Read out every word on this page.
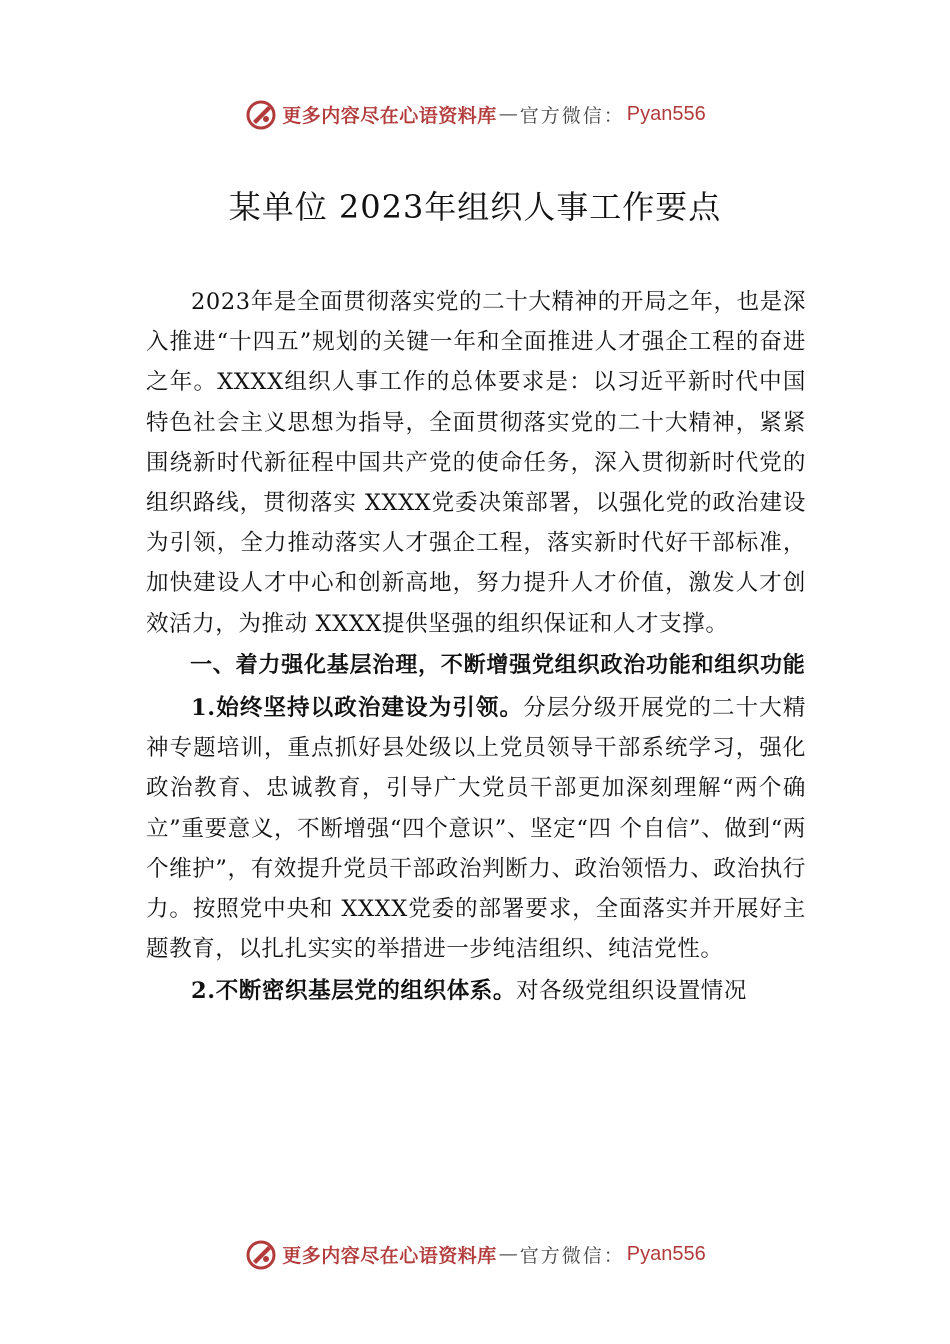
更多内容尽在心语资料库 — 官方微信： Pyan556
某单位 2023年组织人事工作要点

2023年是全面贯彻落实党的二十大精神的开局之年，也是深入推进“十四五”规划的关键一年和全面推进人才强企工程的奋进之年。XXXX组织人事工作的总体要求是：以习近平新时代中国特色社会主义思想为指导，全面贯彻落实党的二十大精神，紧紧围绕新时代新征程中国共产党的使命任务，深入贯彻新时代党的组织路线，贯彻落实 XXXX党委决策部署，以强化党的政治建设为引领，全力推动落实人才强企工程，落实新时代好干部标准，加快建设人才中心和创新高地，努力提升人才价值，激发人才创效活力，为推动 XXXX提供坚强的组织保证和人才支撑。

一、着力强化基层治理，不断增强党组织政治功能和组织功能

1.始终坚持以政治建设为引领。分层分级开展党的二十大精神专题培训，重点抓好县处级以上党员领导干部系统学习，强化政治教育、忠诚教育，引导广大党员干部更加深刻理解“两个确立”重要意义，不断增强“四个意识”、坚定“四 个自信”、做到“两个维护”，有效提升党员干部政治判断力、政治领悟力、政治执行力。按照党中央和 XXXX党委的部署要求，全面落实并开展好主题教育，以扎扎实实的举措进一步纯洁组织、纯洁党性。

2.不断密织基层党的组织体系。对各级党组织设置情况

更多内容尽在心语资料库 — 官方微信： Pyan556
